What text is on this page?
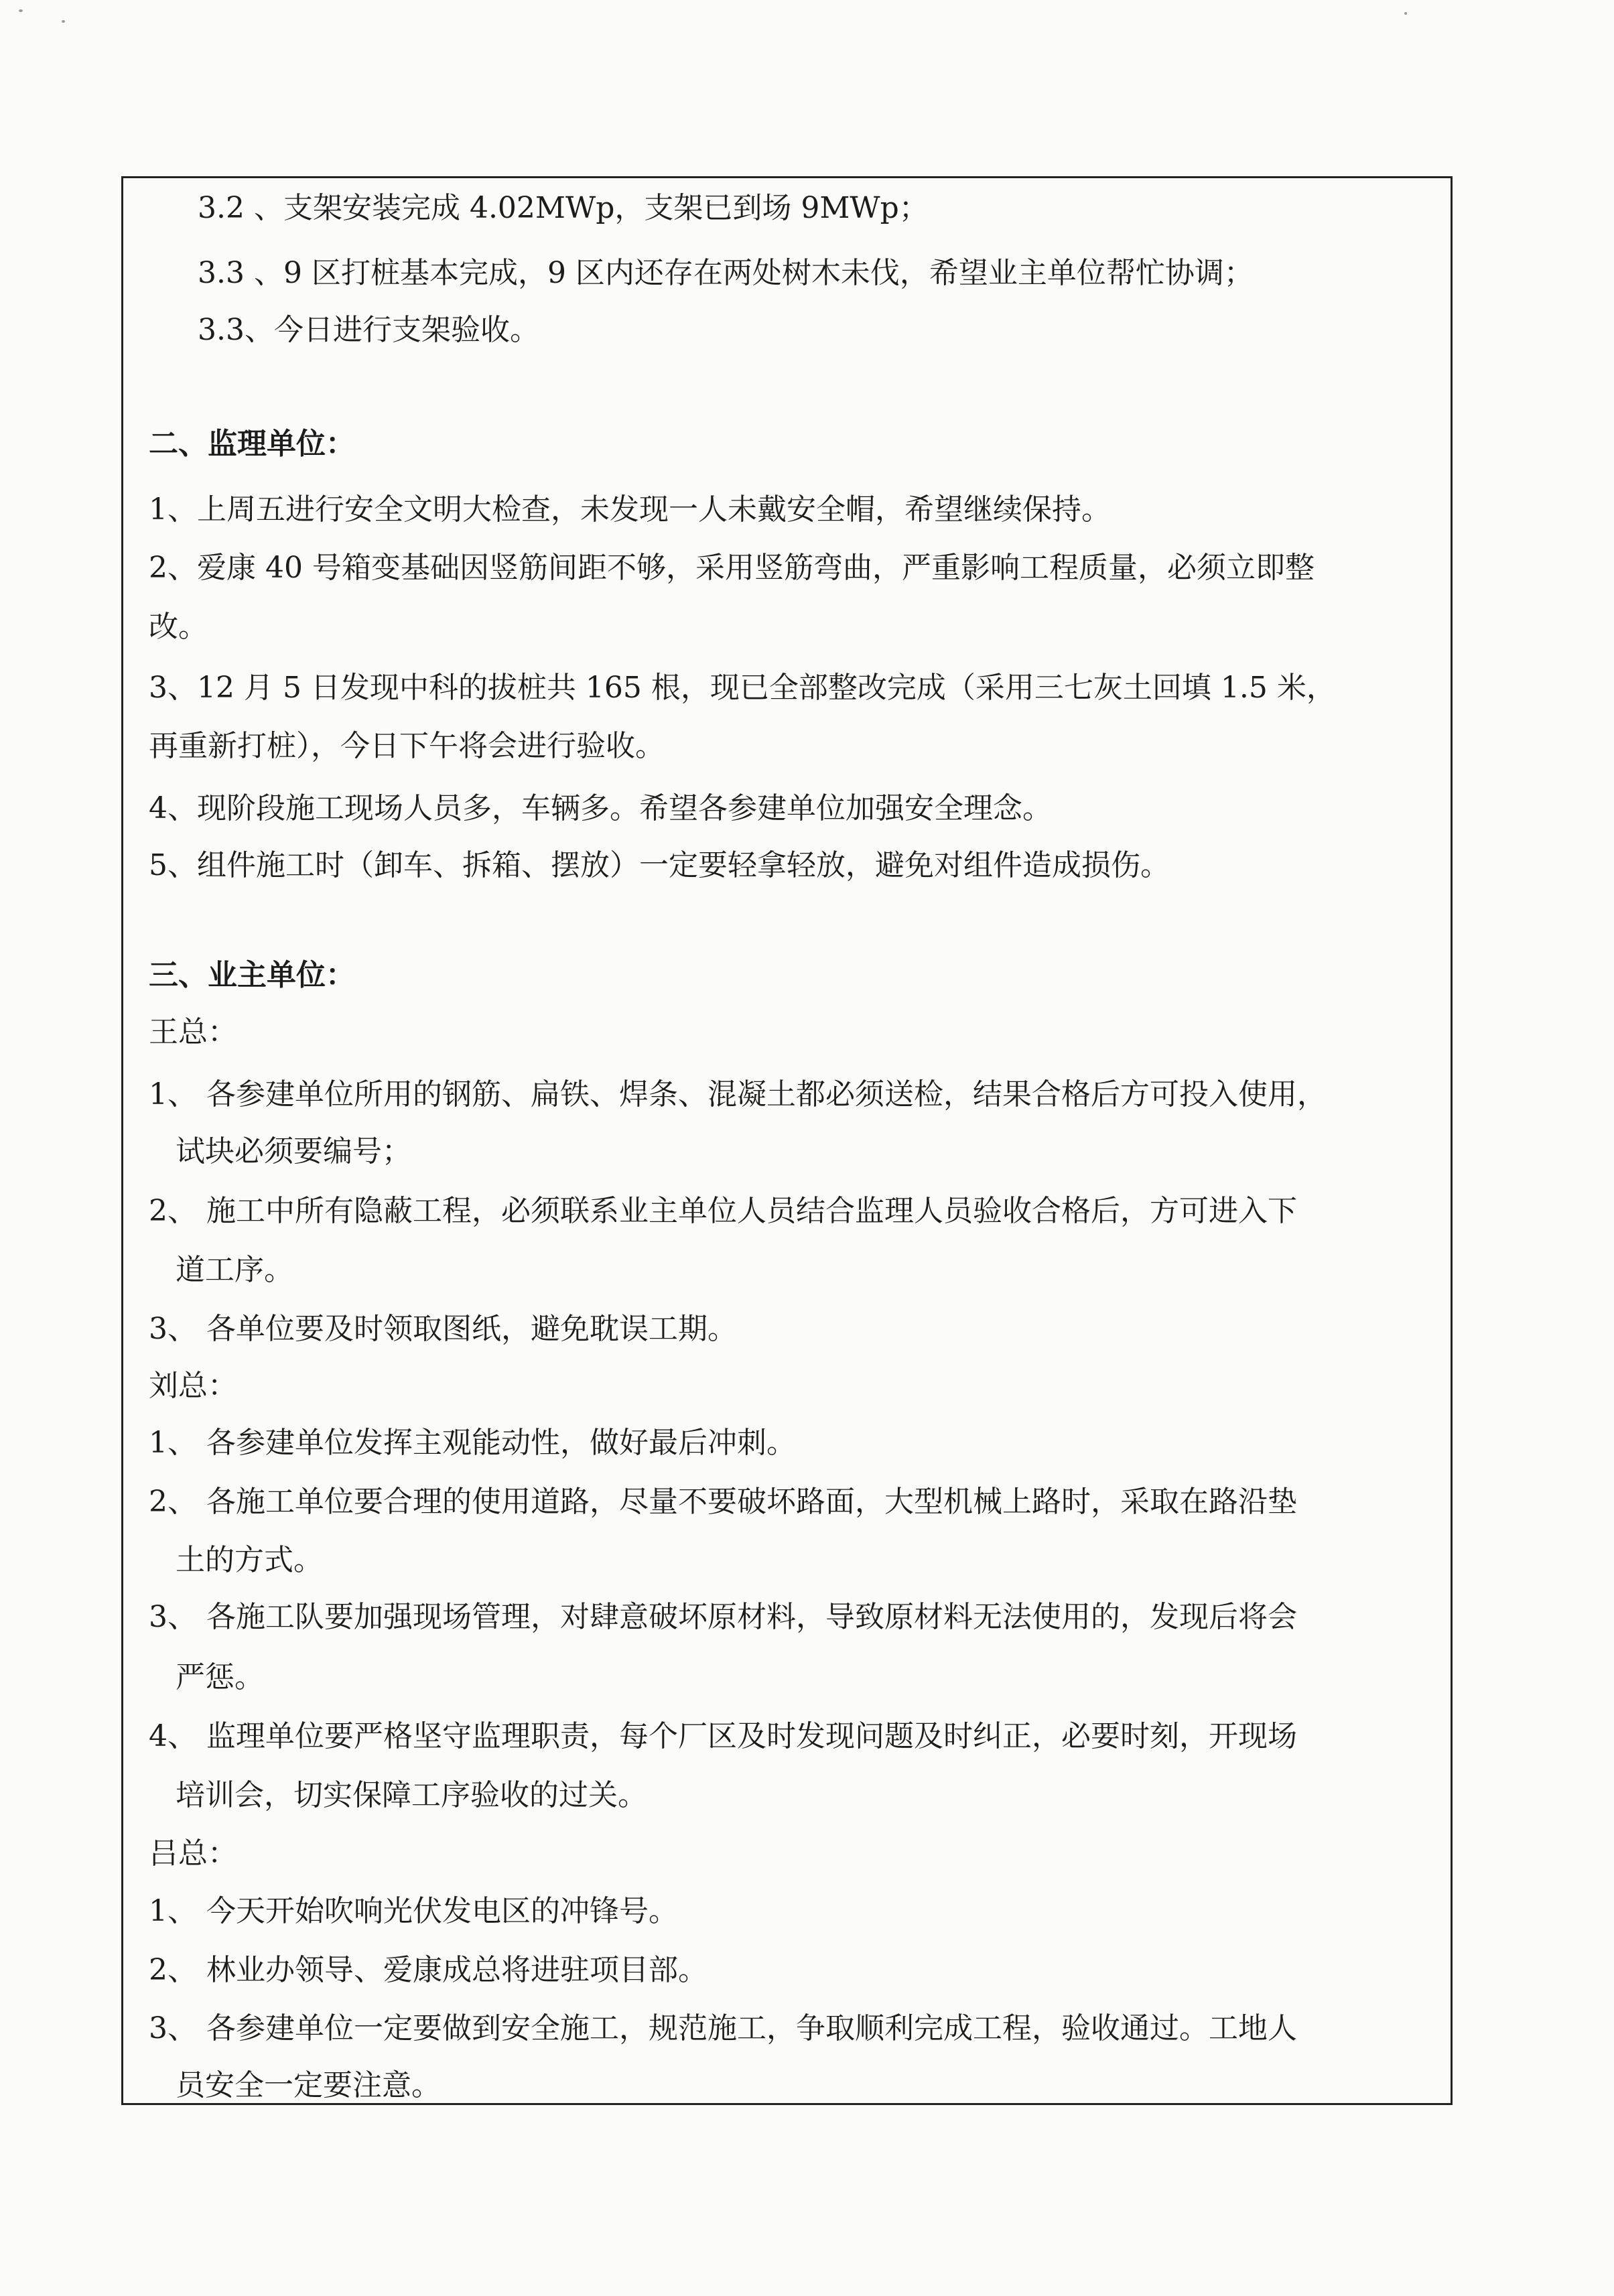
3.2 、支架安装完成 4.02MWp，支架已到场 9MWp；
3.3 、9 区打桩基本完成，9 区内还存在两处树木未伐，希望业主单位帮忙协调；
3.3、今日进行支架验收。
二、监理单位：
1、上周五进行安全文明大检查，未发现一人未戴安全帽，希望继续保持。
2、爱康 40 号箱变基础因竖筋间距不够，采用竖筋弯曲，严重影响工程质量，必须立即整
改。
3、12 月 5 日发现中科的拔桩共 165 根，现已全部整改完成（采用三七灰土回填 1.5 米，
再重新打桩），今日下午将会进行验收。
4、现阶段施工现场人员多，车辆多。希望各参建单位加强安全理念。
5、组件施工时（卸车、拆箱、摆放）一定要轻拿轻放，避免对组件造成损伤。
三、业主单位：
王总：
1、 各参建单位所用的钢筋、扁铁、焊条、混凝土都必须送检，结果合格后方可投入使用，
试块必须要编号；
2、 施工中所有隐蔽工程，必须联系业主单位人员结合监理人员验收合格后，方可进入下
道工序。
3、 各单位要及时领取图纸，避免耽误工期。
刘总：
1、 各参建单位发挥主观能动性，做好最后冲刺。
2、 各施工单位要合理的使用道路，尽量不要破坏路面，大型机械上路时，采取在路沿垫
土的方式。
3、 各施工队要加强现场管理，对肆意破坏原材料，导致原材料无法使用的，发现后将会
严惩。
4、 监理单位要严格坚守监理职责，每个厂区及时发现问题及时纠正，必要时刻，开现场
培训会，切实保障工序验收的过关。
吕总：
1、 今天开始吹响光伏发电区的冲锋号。
2、 林业办领导、爱康成总将进驻项目部。
3、 各参建单位一定要做到安全施工，规范施工，争取顺利完成工程，验收通过。工地人
员安全一定要注意。
